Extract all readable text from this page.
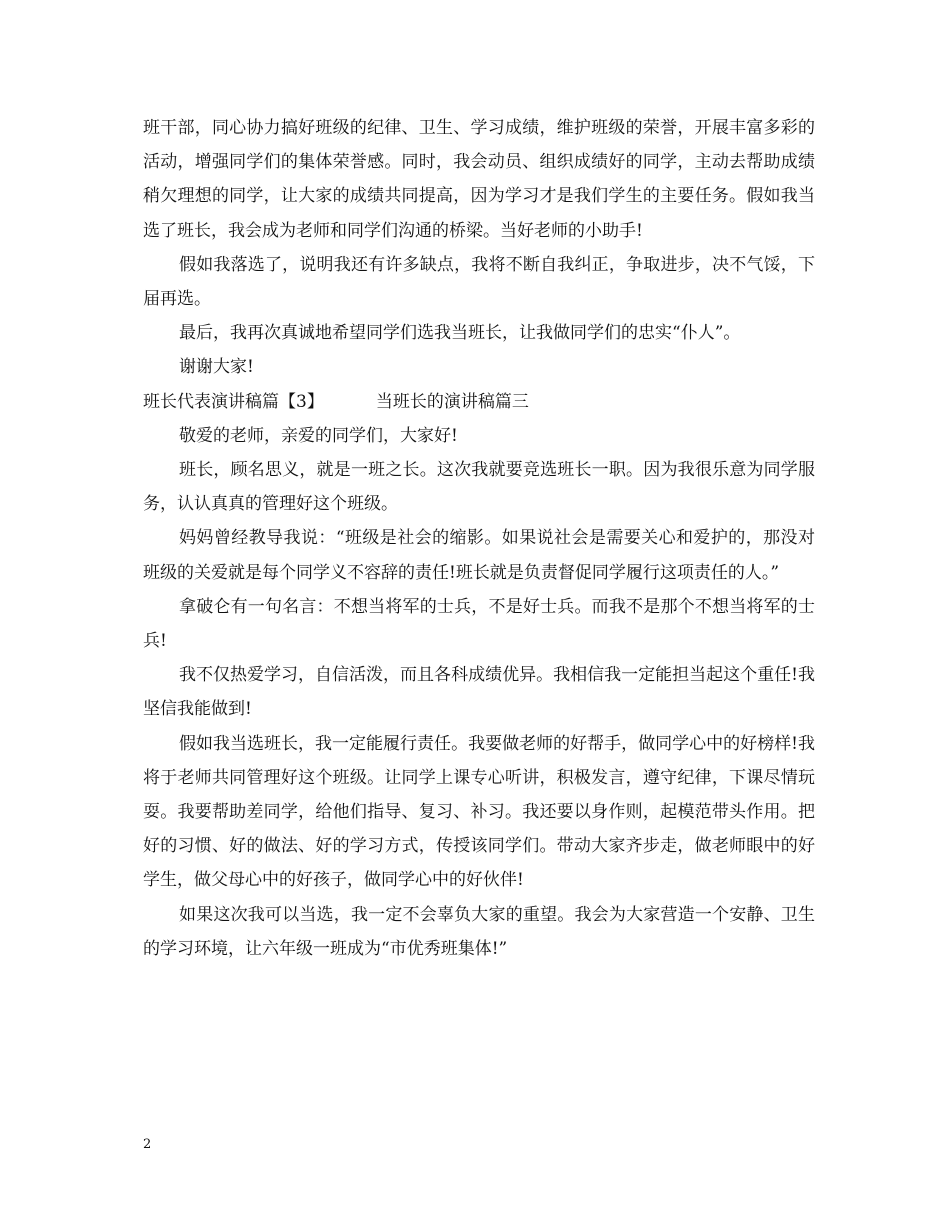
班干部，同心协力搞好班级的纪律、卫生、学习成绩，维护班级的荣誉，开展丰富多彩的活动，增强同学们的集体荣誉感。同时，我会动员、组织成绩好的同学，主动去帮助成绩稍欠理想的同学，让大家的成绩共同提高，因为学习才是我们学生的主要任务。假如我当选了班长，我会成为老师和同学们沟通的桥梁。当好老师的小助手!

假如我落选了，说明我还有许多缺点，我将不断自我纠正，争取进步，决不气馁，下届再选。

最后，我再次真诚地希望同学们选我当班长，让我做同学们的忠实“仆人”。

谢谢大家!

班长代表演讲稿篇【3】	当班长的演讲稿篇三

敬爱的老师，亲爱的同学们，大家好!

班长，顾名思义，就是一班之长。这次我就要竞选班长一职。因为我很乐意为同学服务，认认真真的管理好这个班级。

妈妈曾经教导我说：“班级是社会的缩影。如果说社会是需要关心和爱护的，那没对班级的关爱就是每个同学义不容辞的责任!班长就是负责督促同学履行这项责任的人。”

拿破仑有一句名言：不想当将军的士兵，不是好士兵。而我不是那个不想当将军的士兵!

我不仅热爱学习，自信活泼，而且各科成绩优异。我相信我一定能担当起这个重任!我坚信我能做到!

假如我当选班长，我一定能履行责任。我要做老师的好帮手，做同学心中的好榜样!我将于老师共同管理好这个班级。让同学上课专心听讲，积极发言，遵守纪律，下课尽情玩耍。我要帮助差同学，给他们指导、复习、补习。我还要以身作则，起模范带头作用。把好的习惯、好的做法、好的学习方式，传授该同学们。带动大家齐步走，做老师眼中的好学生，做父母心中的好孩子，做同学心中的好伙伴!

如果这次我可以当选，我一定不会辜负大家的重望。我会为大家营造一个安静、卫生的学习环境，让六年级一班成为“市优秀班集体!”

2
